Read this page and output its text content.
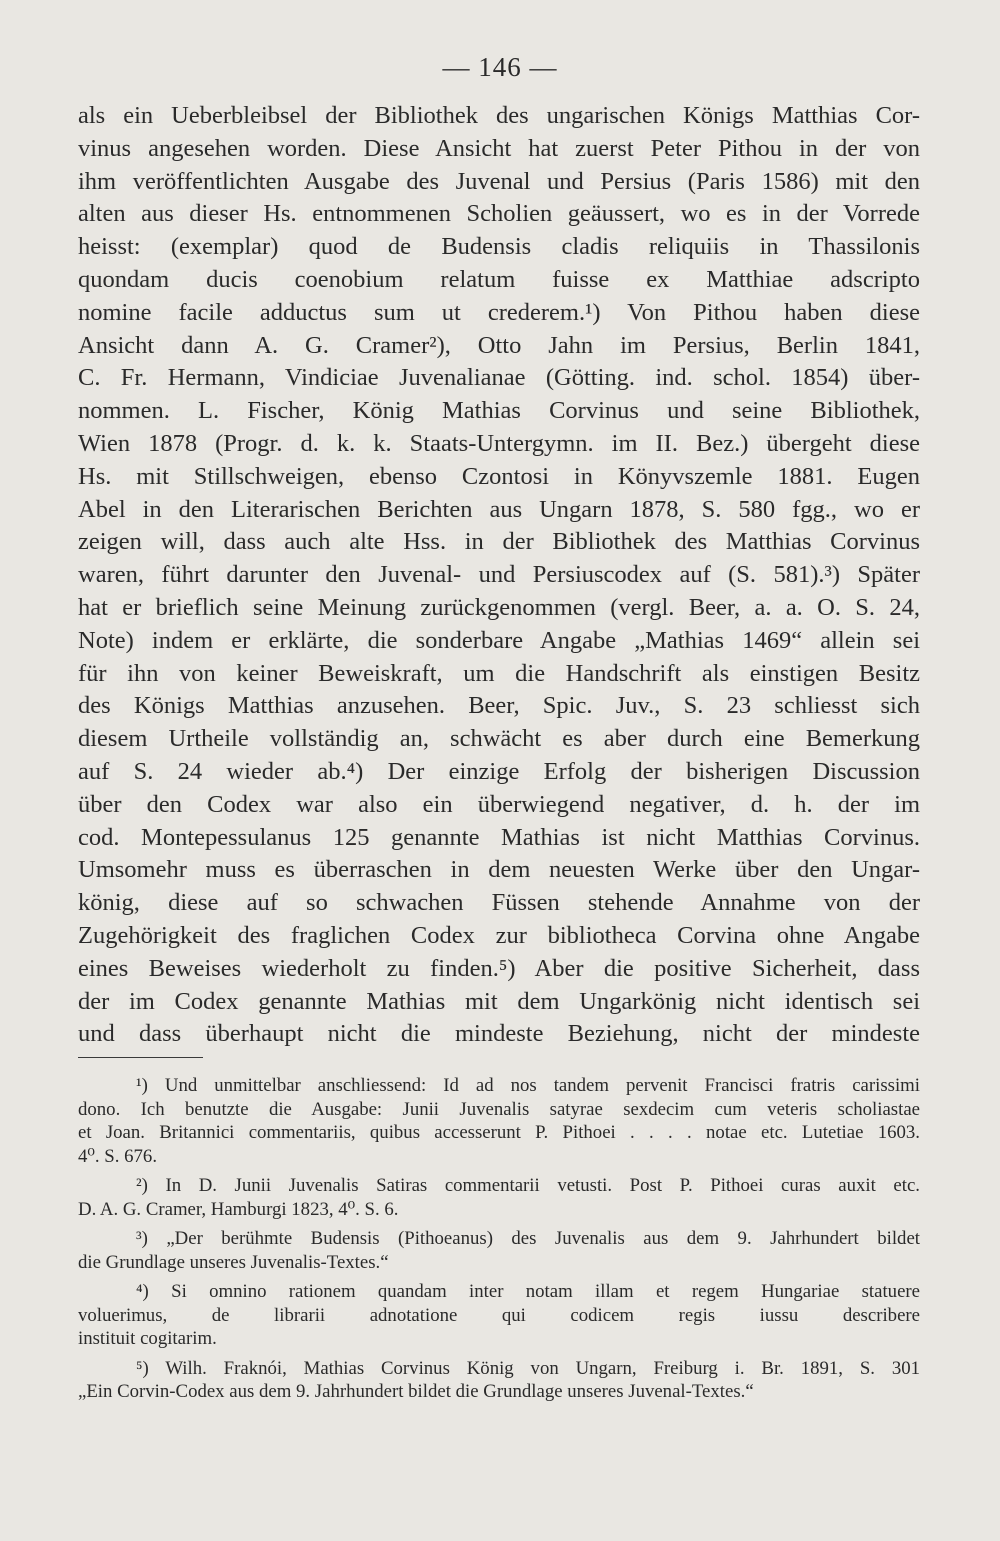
— 146 —
als ein Ueberbleibsel der Bibliothek des ungarischen Königs Matthias Cor-
vinus angesehen worden. Diese Ansicht hat zuerst Peter Pithou in der von
ihm veröffentlichten Ausgabe des Juvenal und Persius (Paris 1586) mit den
alten aus dieser Hs. entnommenen Scholien geäussert, wo es in der Vorrede
heisst: (exemplar) quod de Budensis cladis reliquiis in Thassilonis
quondam ducis coenobium relatum fuisse ex Matthiae adscripto
nomine facile adductus sum ut crederem.¹) Von Pithou haben diese
Ansicht dann A. G. Cramer²), Otto Jahn im Persius, Berlin 1841,
C. Fr. Hermann, Vindiciae Juvenalianae (Götting. ind. schol. 1854) über-
nommen. L. Fischer, König Mathias Corvinus und seine Bibliothek,
Wien 1878 (Progr. d. k. k. Staats-Untergymn. im II. Bez.) übergeht diese
Hs. mit Stillschweigen, ebenso Czontosi in Könyvszemle 1881. Eugen
Abel in den Literarischen Berichten aus Ungarn 1878, S. 580 fgg., wo er
zeigen will, dass auch alte Hss. in der Bibliothek des Matthias Corvinus
waren, führt darunter den Juvenal- und Persiuscodex auf (S. 581).³) Später
hat er brieflich seine Meinung zurückgenommen (vergl. Beer, a. a. O. S. 24,
Note) indem er erklärte, die sonderbare Angabe „Mathias 1469“ allein sei
für ihn von keiner Beweiskraft, um die Handschrift als einstigen Besitz
des Königs Matthias anzusehen. Beer, Spic. Juv., S. 23 schliesst sich
diesem Urtheile vollständig an, schwächt es aber durch eine Bemerkung
auf S. 24 wieder ab.⁴) Der einzige Erfolg der bisherigen Discussion
über den Codex war also ein überwiegend negativer, d. h. der im
cod. Montepessulanus 125 genannte Mathias ist nicht Matthias Corvinus.
Umsomehr muss es überraschen in dem neuesten Werke über den Ungar-
könig, diese auf so schwachen Füssen stehende Annahme von der
Zugehörigkeit des fraglichen Codex zur bibliotheca Corvina ohne Angabe
eines Beweises wiederholt zu finden.⁵) Aber die positive Sicherheit, dass
der im Codex genannte Mathias mit dem Ungarkönig nicht identisch sei
und dass überhaupt nicht die mindeste Beziehung, nicht der mindeste
¹) Und unmittelbar anschliessend: Id ad nos tandem pervenit Francisci fratris carissimi
dono. Ich benutzte die Ausgabe: Junii Juvenalis satyrae sexdecim cum veteris scholiastae
et Joan. Britannici commentariis, quibus accesserunt P. Pithoei . . . . notae etc. Lutetiae 1603.
4⁰. S. 676.
²) In D. Junii Juvenalis Satiras commentarii vetusti. Post P. Pithoei curas auxit etc.
D. A. G. Cramer, Hamburgi 1823, 4⁰. S. 6.
³) „Der berühmte Budensis (Pithoeanus) des Juvenalis aus dem 9. Jahrhundert bildet
die Grundlage unseres Juvenalis-Textes.“
⁴) Si omnino rationem quandam inter notam illam et regem Hungariae statuere
voluerimus, de librarii adnotatione qui codicem regis iussu describere
instituit cogitarim.
⁵) Wilh. Fraknói, Mathias Corvinus König von Ungarn, Freiburg i. Br. 1891, S. 301
„Ein Corvin-Codex aus dem 9. Jahrhundert bildet die Grundlage unseres Juvenal-Textes.“
